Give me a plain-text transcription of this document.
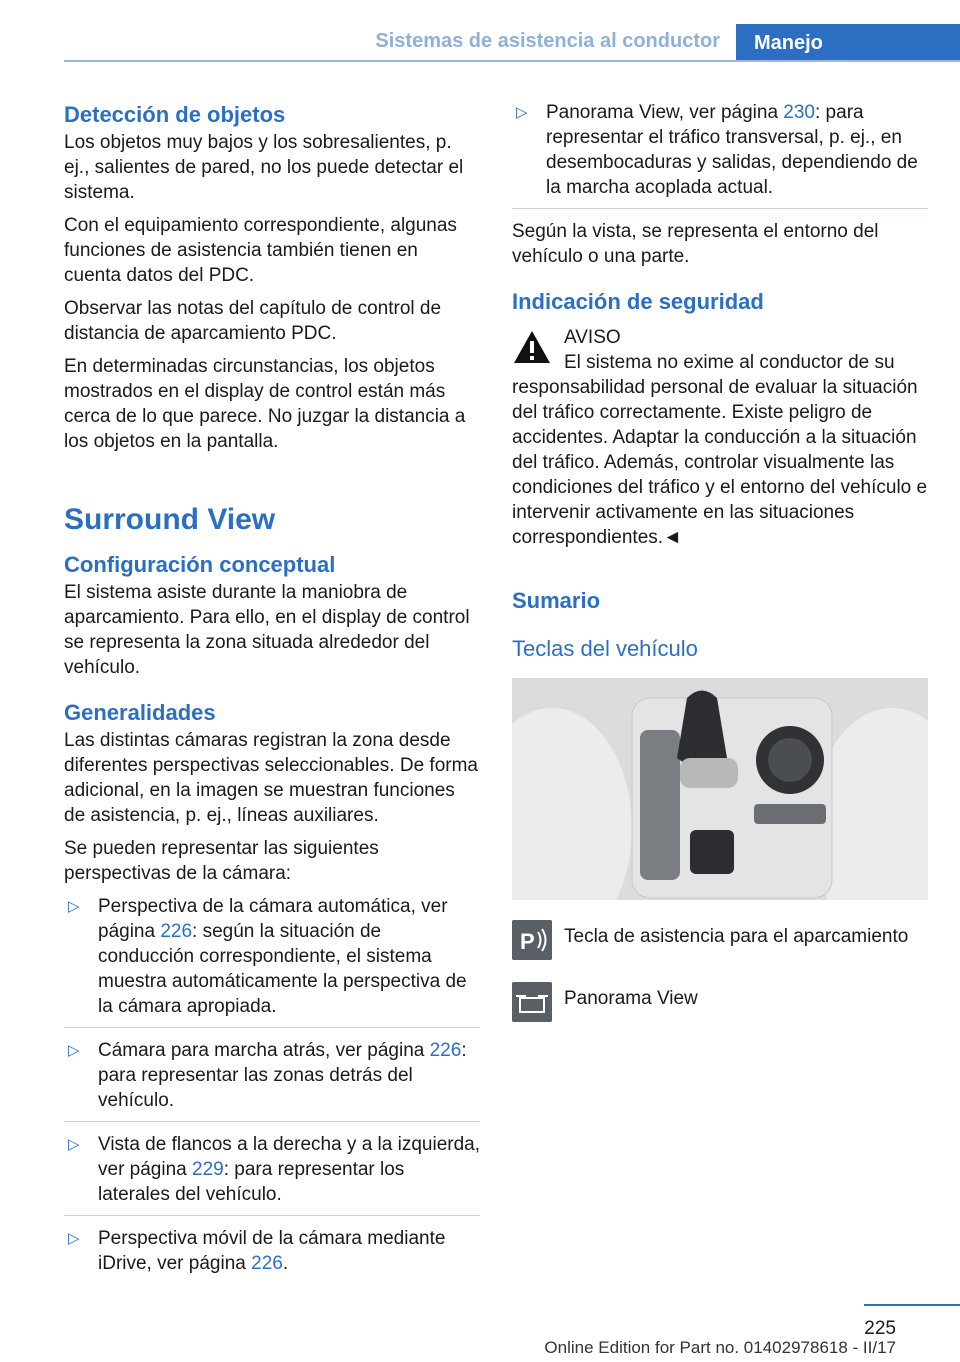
Sistemas de asistencia al conductor	Manejo
Detección de objetos

Los objetos muy bajos y los sobresalientes, p. ej., salientes de pared, no los puede detectar el sistema.

Con el equipamiento correspondiente, algunas funciones de asistencia también tienen en cuenta datos del PDC.

Observar las notas del capítulo de control de distancia de aparcamiento PDC.

En determinadas circunstancias, los objetos mostrados en el display de control están más cerca de lo que parece. No juzgar la distancia a los objetos en la pantalla.

Surround View
Configuración conceptual

El sistema asiste durante la maniobra de aparcamiento. Para ello, en el display de control se representa la zona situada alrededor del vehículo.

Generalidades

Las distintas cámaras registran la zona desde diferentes perspectivas seleccionables. De forma adicional, en la imagen se muestran funciones de asistencia, p. ej., líneas auxiliares.

Se pueden representar las siguientes perspectivas de la cámara:

▷ Perspectiva de la cámara automática, ver página 226: según la situación de conducción correspondiente, el sistema muestra automáticamente la perspectiva de la cámara apropiada.
▷ Cámara para marcha atrás, ver página 226: para representar las zonas detrás del vehículo.
▷ Vista de flancos a la derecha y a la izquierda, ver página 229: para representar los laterales del vehículo.
▷ Perspectiva móvil de la cámara mediante iDrive, ver página 226.
▷ Panorama View, ver página 230: para representar el tráfico transversal, p. ej., en desembocaduras y salidas, dependiendo de la marcha acoplada actual.

Según la vista, se representa el entorno del vehículo o una parte.

Indicación de seguridad

AVISO

El sistema no exime al conductor de su responsabilidad personal de evaluar la situación del tráfico correctamente. Existe peligro de accidentes. Adaptar la conducción a la situación del tráfico. Además, controlar visualmente las condiciones del tráfico y el entorno del vehículo e intervenir activamente en las situaciones correspondientes.◄

Sumario
Teclas del vehículo
P Tecla de asistencia para el aparcamiento
Panorama View
225
Online Edition for Part no. 01402978618 - II/17
